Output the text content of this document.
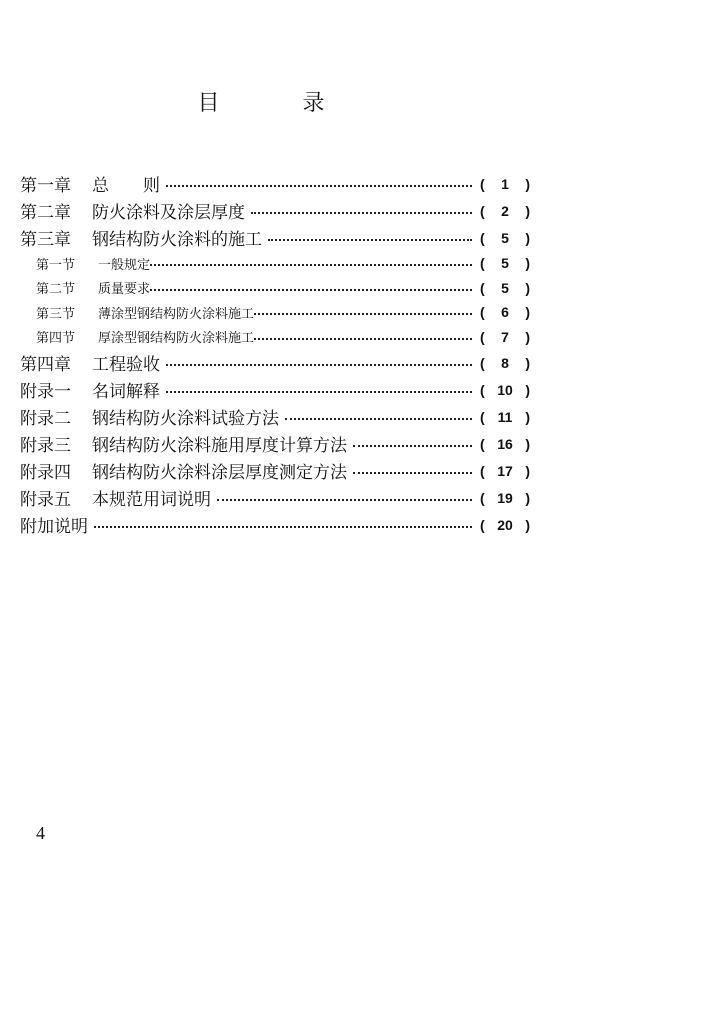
目 录
第一章	总　　则	(	1	)
第二章	防火涂料及涂层厚度	(	2	)
第三章	钢结构防火涂料的施工	(	5	)
第一节	一般规定	(	5	)
第二节	质量要求	(	5	)
第三节	薄涂型钢结构防火涂料施工	(	6	)
第四节	厚涂型钢结构防火涂料施工	(	7	)
第四章	工程验收	(	8	)
附录一	名词解释	( 10 )
附录二	钢结构防火涂料试验方法	( 11 )
附录三	钢结构防火涂料施用厚度计算方法	( 16 )
附录四	钢结构防火涂料涂层厚度测定方法	( 17 )
附录五	本规范用词说明	( 19 )
附加说明	( 20 )
4
